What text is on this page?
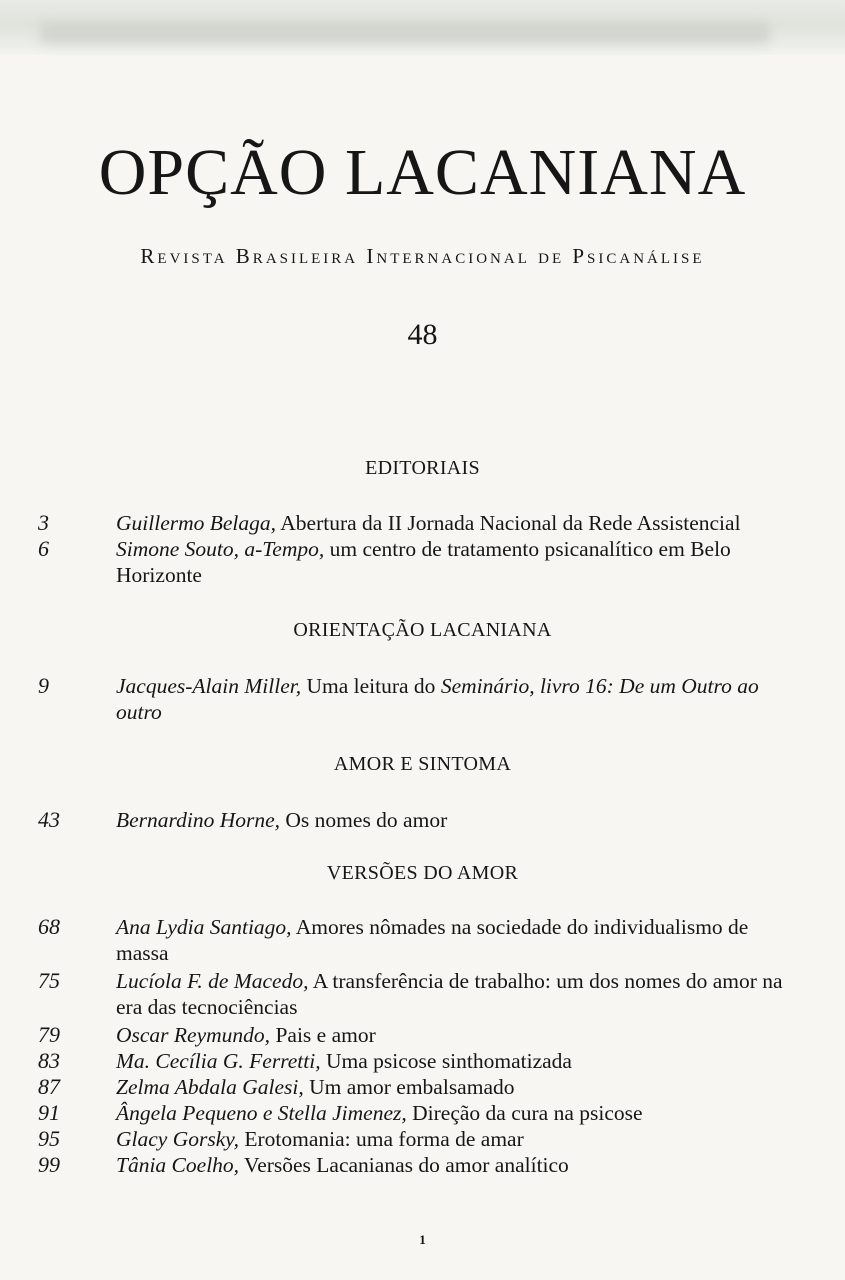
OPÇÃO LACANIANA
Revista Brasileira Internacional de Psicanálise
48
EDITORIAIS
3	Guillermo Belaga, Abertura da II Jornada Nacional da Rede Assistencial
6	Simone Souto, a-Tempo, um centro de tratamento psicanalítico em Belo Horizonte
ORIENTAÇÃO LACANIANA
9	Jacques-Alain Miller, Uma leitura do Seminário, livro 16: De um Outro ao outro
AMOR E SINTOMA
43	Bernardino Horne, Os nomes do amor
VERSÕES DO AMOR
68	Ana Lydia Santiago, Amores nômades na sociedade do individualismo de massa
75	Lucíola F. de Macedo, A transferência de trabalho: um dos nomes do amor na era das tecnociências
79	Oscar Reymundo, Pais e amor
83	Ma. Cecília G. Ferretti, Uma psicose sinthomatizada
87	Zelma Abdala Galesi, Um amor embalsamado
91	Ângela Pequeno e Stella Jimenez, Direção da cura na psicose
95	Glacy Gorsky, Erotomania: uma forma de amar
99	Tânia Coelho, Versões Lacanianas do amor analítico
1
